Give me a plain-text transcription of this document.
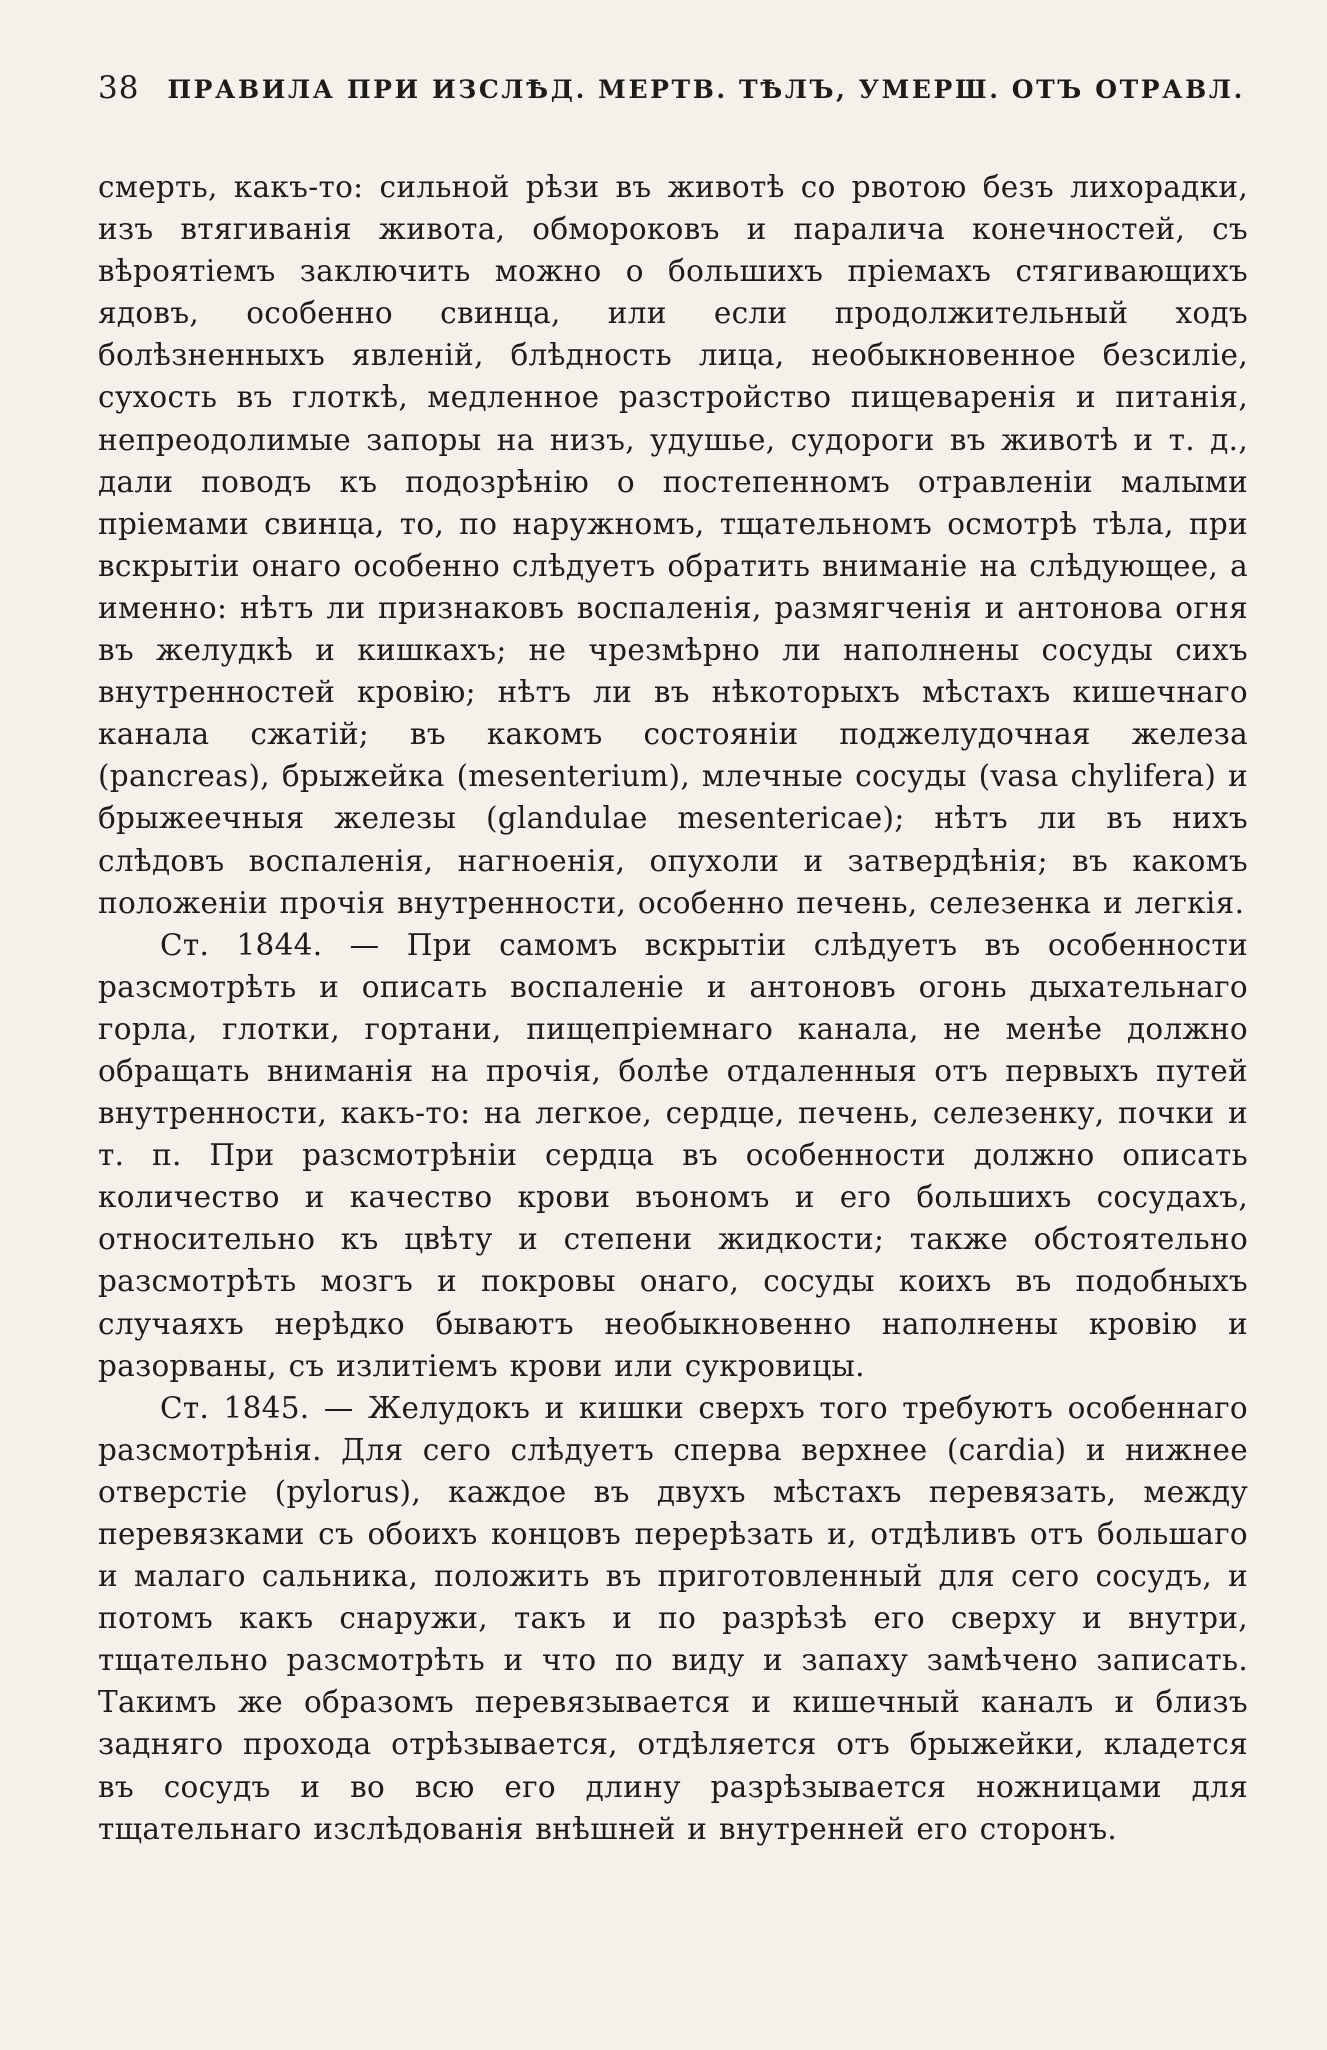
38 ПРАВИЛА ПРИ ИЗСЛѢД. МЕРТВ. ТѢЛЪ, УМЕРШ. ОТЪ ОТРАВЛ.

смерть, какъ-то: сильной рѣзи въ животѣ со рвотою безъ лихорадки, изъ втягиванія живота, обмороковъ и паралича конечностей, съ вѣроятіемъ заключить можно о большихъ пріемахъ стягивающихъ ядовъ, особенно свинца, или если продолжительный ходъ болѣзненныхъ явленій, блѣдность лица, необыкновенное безсиліе, сухость въ глоткѣ, медленное разстройство пищеваренія и питанія, непреодолимые запоры на низъ, удушье, судороги въ животѣ и т. д., дали поводъ къ подозрѣнію о постепенномъ отравленіи малыми пріемами свинца, то, по наружномъ, тщательномъ осмотрѣ тѣла, при вскрытіи онаго особенно слѣдуетъ обратить вниманіе на слѣдующее, а именно: нѣтъ ли признаковъ воспаленія, размягченія и антонова огня въ желудкѣ и кишкахъ; не чрезмѣрно ли наполнены сосуды сихъ внутренностей кровію; нѣтъ ли въ нѣкоторыхъ мѣстахъ кишечнаго канала сжатій; въ какомъ состояніи поджелудочная железа (pancreas), брыжейка (mesenterium), млечные сосуды (vasa chylifera) и брыжеечныя железы (glandulae mesentericae); нѣтъ ли въ нихъ слѣдовъ воспаленія, нагноенія, опухоли и затвердѣнія; въ какомъ положеніи прочія внутренности, особенно печень, селезенка и легкія.

Ст. 1844. — При самомъ вскрытіи слѣдуетъ въ особенности разсмотрѣть и описать воспаленіе и антоновъ огонь дыхательнаго горла, глотки, гортани, пищепріемнаго канала, не менѣе должно обращать вниманія на прочія, болѣе отдаленныя отъ первыхъ путей внутренности, какъ-то: на легкое, сердце, печень, селезенку, почки и т. п. При разсмотрѣніи сердца въ особенности должно описать количество и качество крови въономъ и его большихъ сосудахъ, относительно къ цвѣту и степени жидкости; также обстоятельно разсмотрѣть мозгъ и покровы онаго, сосуды коихъ въ подобныхъ случаяхъ нерѣдко бываютъ необыкновенно наполнены кровію и разорваны, съ излитіемъ крови или сукровицы.

Ст. 1845. — Желудокъ и кишки сверхъ того требуютъ особеннаго разсмотрѣнія. Для сего слѣдуетъ сперва верхнее (cardia) и нижнее отверстіе (pylorus), каждое въ двухъ мѣстахъ перевязать, между перевязками съ обоихъ концовъ перерѣзать и, отдѣливъ отъ большаго и малаго сальника, положить въ приготовленный для сего сосудъ, и потомъ какъ снаружи, такъ и по разрѣзѣ его сверху и внутри, тщательно разсмотрѣть и что по виду и запаху замѣчено записать. Такимъ же образомъ перевязывается и кишечный каналъ и близъ задняго прохода отрѣзывается, отдѣляется отъ брыжейки, кладется въ сосудъ и во всю его длину разрѣзывается ножницами для тщательнаго изслѣдованія внѣшней и внутренней его сторонъ.
